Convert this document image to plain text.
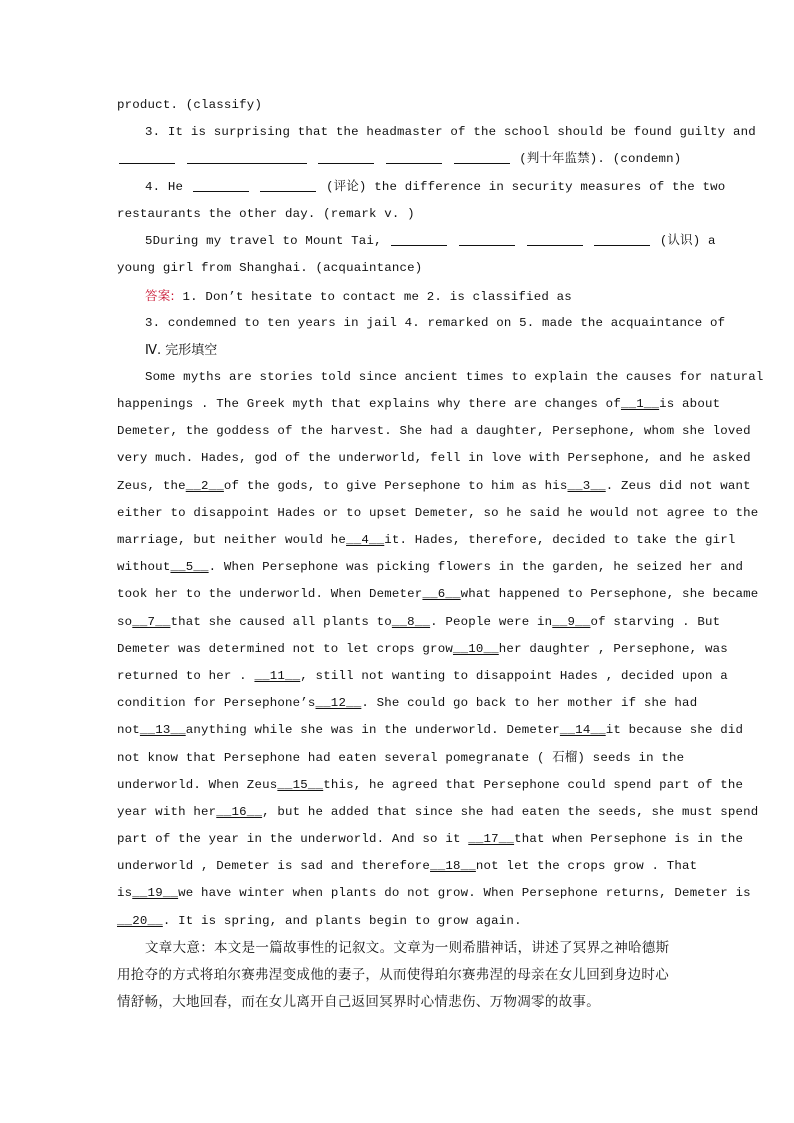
product. (classify)
3. It is surprising that the headmaster of the school should be found guilty and
(判十年监禁). (condemn)
4. He	(评论) the difference in security measures of the two
restaurants the other day. (remark v. )
5During my travel to Mount Tai,	(认识) a
young girl from Shanghai. (acquaintance)
答案: 1. Don’t hesitate to contact me 2. is classified as
3. condemned to ten years in jail 4. remarked on 5. made the acquaintance of
Ⅳ. 完形填空
Some myths are stories told since ancient times to explain the causes for natural
happenings . The Greek myth that explains why there are changes of__1__is about
Demeter, the goddess of the harvest. She had a daughter, Persephone, whom she loved
very much. Hades, god of the underworld, fell in love with Persephone, and he asked
Zeus, the__2__of the gods, to give Persephone to him as his__3__. Zeus did not want
either to disappoint Hades or to upset Demeter, so he said he would not agree to the
marriage, but neither would he__4__it. Hades, therefore, decided to take the girl
without__5__. When Persephone was picking flowers in the garden, he seized her and
took her to the underworld. When Demeter__6__what happened to Persephone, she became
so__7__that she caused all plants to__8__. People were in__9__of starving . But
Demeter was determined not to let crops grow__10__her daughter , Persephone, was
returned to her . __11__, still not wanting to disappoint Hades , decided upon a
condition for Persephone’s__12__. She could go back to her mother if she had
not__13__anything while she was in the underworld. Demeter__14__it because she did
not know that Persephone had eaten several pomegranate ( 石榴) seeds in the
underworld. When Zeus__15__this, he agreed that Persephone could spend part of the
year with her__16__, but he added that since she had eaten the seeds, she must spend
part of the year in the underworld. And so it __17__that when Persephone is in the
underworld , Demeter is sad and therefore__18__not let the crops grow . That
is__19__we have winter when plants do not grow. When Persephone returns, Demeter is
__20__. It is spring, and plants begin to grow again.
文章大意：本文是一篇故事性的记叙文。文章为一则希腊神话，讲述了冥界之神哈德斯
用抢夺的方式将珀尔赛弗涅变成他的妻子，从而使得珀尔赛弗涅的母亲在女儿回到身边时心
情舒畅，大地回春，而在女儿离开自己返回冥界时心情悲伤、万物凋零的故事。
